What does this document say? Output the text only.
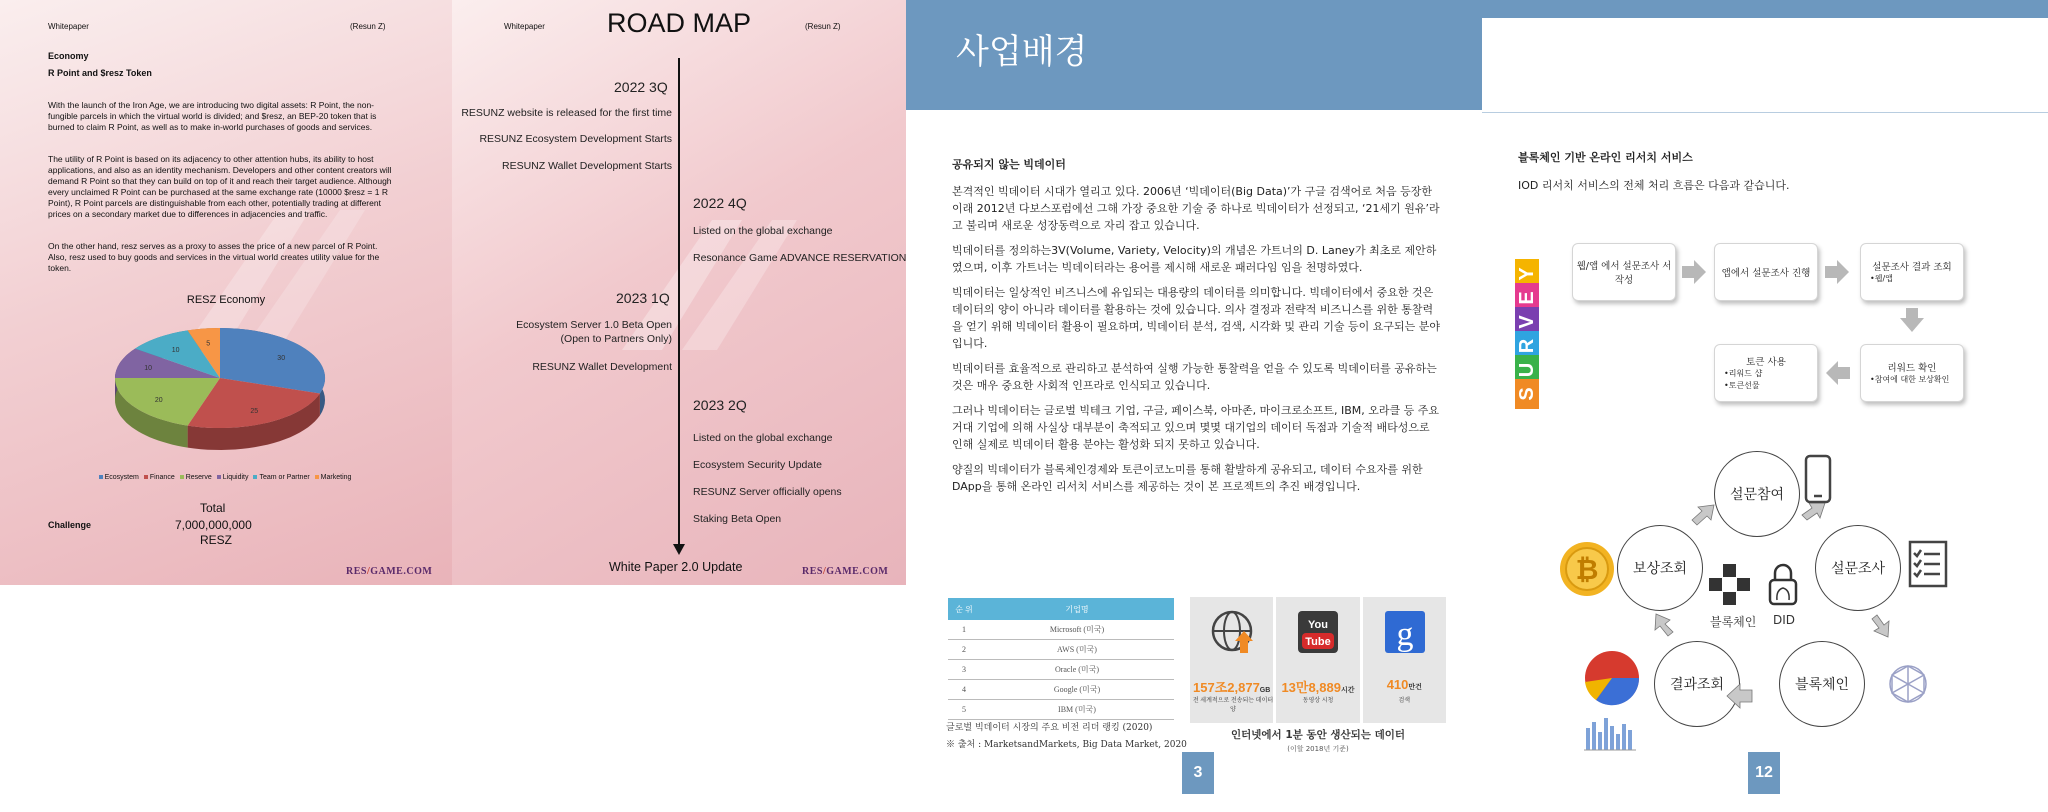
Whitepaper	(Resun Z)
Economy
R Point and $resz Token
With the launch of the Iron Age, we are introducing two digital assets: R Point, the non-fungible parcels in which the virtual world is divided; and $resz, an BEP-20 token that is burned to claim R Point, as well as to make in-world purchases of goods and services.
The utility of R Point is based on its adjacency to other attention hubs, its ability to host applications, and also as an identity mechanism. Developers and other content creators will demand R Point so that they can build on top of it and reach their target audience. Although every unclaimed R Point can be purchased at the same exchange rate (10000 $resz = 1 R Point), R Point parcels are distinguishable from each other, potentially trading at different prices on a secondary market due to differences in adjacencies and traffic.
On the other hand, resz serves as a proxy to asses the price of a new parcel of R Point. Also, resz used to buy goods and services in the virtual world creates utility value for the token.
RESZ Economy
30
25
20
10
10
5
Ecosystem	Finance	Reserve	Liquidity	Team or Partner	Marketing
Total
Challenge	7,000,000,000
RESZ
RES/GAME.COM
Whitepaper	(Resun Z)
ROAD MAP
2022 3Q
RESUNZ website is released for the first time
RESUNZ Ecosystem Development Starts
RESUNZ Wallet Development Starts
2022 4Q
Listed on the global exchange
Resonance Game ADVANCE RESERVATION
2023 1Q
Ecosystem Server 1.0 Beta Open
(Open to Partners Only)
RESUNZ Wallet Development
2023 2Q
Listed on the global exchange
Ecosystem Security Update
RESUNZ Server officially opens
Staking Beta Open
White Paper 2.0 Update	RES/GAME.COM
사업배경
공유되지 않는 빅데이터

본격적인 빅데이터 시대가 열리고 있다. 2006년 ‘빅데이터(Big Data)’가 구글 검색어로 처음 등장한 이래 2012년 다보스포럼에선 그해 가장 중요한 기술 중 하나로 빅데이터가 선정되고, ‘21세기 원유’라고 불리며 새로운 성장동력으로 자리 잡고 있습니다.

빅데이터를 정의하는3V(Volume, Variety, Velocity)의 개념은 가트너의 D. Laney가 최초로 제안하였으며, 이후 가트너는 빅데이터라는 용어를 제시해 새로운 패러다임 임을 천명하였다.

빅데이터는 일상적인 비즈니스에 유입되는 대용량의 데이터를 의미합니다. 빅데이터에서 중요한 것은 데이터의 양이 아니라 데이터를 활용하는 것에 있습니다. 의사 결정과 전략적 비즈니스를 위한 통찰력을 얻기 위해 빅데이터 활용이 필요하며, 빅데이터 분석, 검색, 시각화 및 관리 기술 등이 요구되는 분야 입니다.

빅데이터를 효율적으로 관리하고 분석하여 실행 가능한 통찰력을 얻을 수 있도록 빅데이터를 공유하는 것은 매우 중요한 사회적 인프라로 인식되고 있습니다.

그러나 빅데이터는 글로벌 빅테크 기업, 구글, 페이스북, 아마존, 마이크로소프트, IBM, 오라클 등 주요 거대 기업에 의해 사실상 대부분이 축적되고 있으며 몇몇 대기업의 데이터 독점과 기술적 배타성으로 인해 실제로 빅데이터 활용 분야는 활성화 되지 못하고 있습니다.

양질의 빅데이터가 블록체인경제와 토큰이코노미를 통해 활발하게 공유되고, 데이터 수요자를 위한 DApp을 통해 온라인 리서치 서비스를 제공하는 것이 본 프로젝트의 추진 배경입니다.

순 위	기업명
1	Microsoft (미국)
2	AWS (미국)
3	Oracle (미국)
4	Google (미국)
5	IBM (미국)
글로벌 빅데이터 시장의 주요 비전 리더 랭킹 (2020)
※ 출처 : MarketsandMarkets, Big Data Market, 2020
157조2,877GB
전 세계적으로 전송되는 데이터양
You
Tube
13만8,889시간
동영상 시청
g
410만건
검색
인터넷에서 1분 동안 생산되는 데이터
(이할 2018년 기준)
3
블록체인 기반 온라인 리서치 서비스
IOD 리서치 서비스의 전체 처리 흐름은 다음과 같습니다.
Y
E
V
R
U
S
웹/앱 에서 설문조사 서 작성
앱에서 설문조사 진행
설문조사 결과 조회
•웹/앱
리워드 확인
•참여에 대한 보상확인
토큰 사용
•리워드 샵
•토큰선물
설문참여
설문조사
블록체인
결과조회
보상조회
블록체인 DID
₿
12
